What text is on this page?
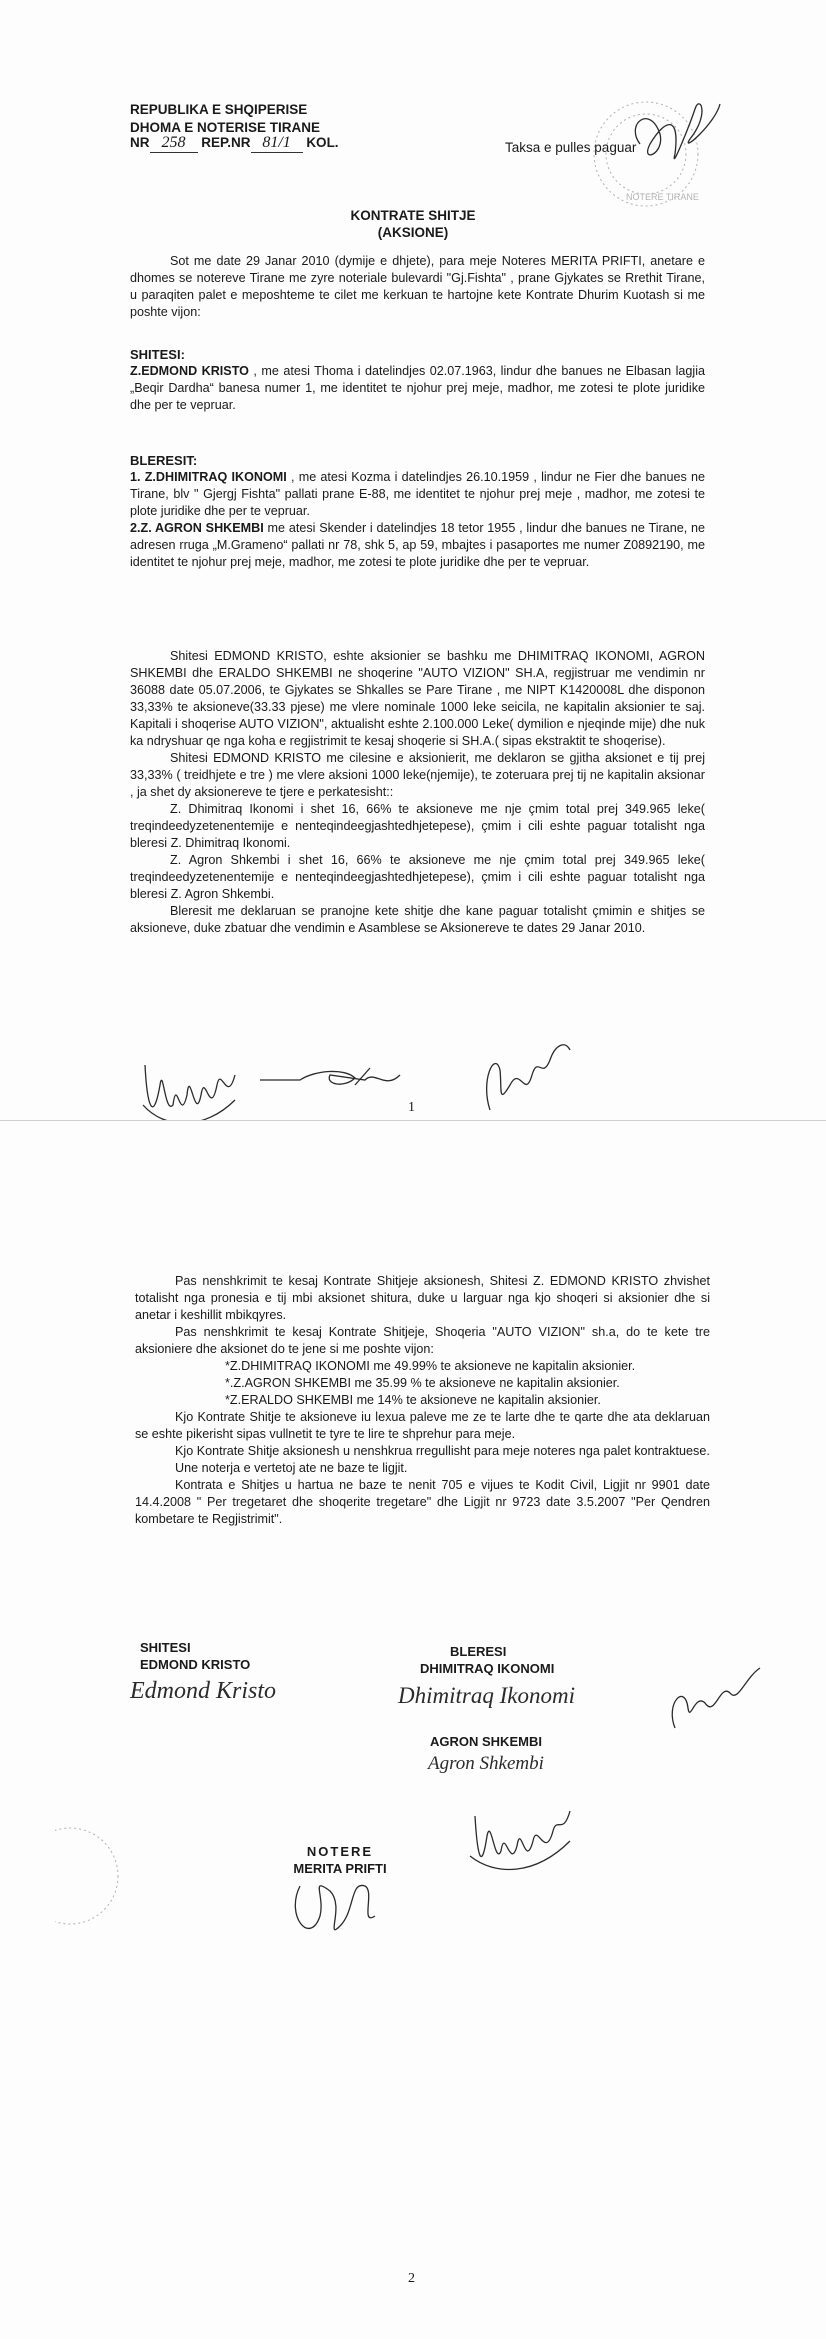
REPUBLIKA E SHQIPERISE
DHOMA E NOTERISE TIRANE
NR 258 REP.NR 81/1 KOL.	Taksa e pulles paguar
NOTERE TIRANE
KONTRATE SHITJE
(AKSIONE)

Sot me date 29 Janar 2010 (dymije e dhjete), para meje Noteres MERITA PRIFTI, anetare e dhomes se notereve Tirane me zyre noteriale bulevardi "Gj.Fishta" , prane Gjykates se Rrethit Tirane, u paraqiten palet e meposhteme te cilet me kerkuan te hartojne kete Kontrate Dhurim Kuotash si me poshte vijon:

SHITESI:

Z.EDMOND KRISTO , me atesi Thoma i datelindjes 02.07.1963, lindur dhe banues ne Elbasan lagjia „Beqir Dardha“ banesa numer 1, me identitet te njohur prej meje, madhor, me zotesi te plote juridike dhe per te vepruar.

BLERESIT:

1. Z.DHIMITRAQ IKONOMI , me atesi Kozma i datelindjes 26.10.1959 , lindur ne Fier dhe banues ne Tirane, blv " Gjergj Fishta" pallati prane E-88, me identitet te njohur prej meje , madhor, me zotesi te plote juridike dhe per te vepruar.

2.Z. AGRON SHKEMBI me atesi Skender i datelindjes 18 tetor 1955 , lindur dhe banues ne Tirane, ne adresen rruga „M.Grameno“ pallati nr 78, shk 5, ap 59, mbajtes i pasaportes me numer Z0892190, me identitet te njohur prej meje, madhor, me zotesi te plote juridike dhe per te vepruar.

Shitesi EDMOND KRISTO, eshte aksionier se bashku me DHIMITRAQ IKONOMI, AGRON SHKEMBI dhe ERALDO SHKEMBI ne shoqerine "AUTO VIZION" SH.A, regjistruar me vendimin nr 36088 date 05.07.2006, te Gjykates se Shkalles se Pare Tirane , me NIPT K1420008L dhe disponon 33,33% te aksioneve(33.33 pjese) me vlere nominale 1000 leke seicila, ne kapitalin aksionier te saj. Kapitali i shoqerise AUTO VIZION", aktualisht eshte 2.100.000 Leke( dymilion e njeqinde mije) dhe nuk ka ndryshuar qe nga koha e regjistrimit te kesaj shoqerie si SH.A.( sipas ekstraktit te shoqerise).

Shitesi EDMOND KRISTO me cilesine e aksionierit, me deklaron se gjitha aksionet e tij prej 33,33% ( treidhjete e tre ) me vlere aksioni 1000 leke(njemije), te zoteruara prej tij ne kapitalin aksionar , ja shet dy aksionereve te tjere e perkatesisht::

Z. Dhimitraq Ikonomi i shet 16, 66% te aksioneve me nje çmim total prej 349.965 leke( treqindeedyzetenentemije e nenteqindeegjashtedhjetepese), çmim i cili eshte paguar totalisht nga bleresi Z. Dhimitraq Ikonomi.

Z. Agron Shkembi i shet 16, 66% te aksioneve me nje çmim total prej 349.965 leke( treqindeedyzetenentemije e nenteqindeegjashtedhjetepese), çmim i cili eshte paguar totalisht nga bleresi Z. Agron Shkembi.

Bleresit me deklaruan se pranojne kete shitje dhe kane paguar totalisht çmimin e shitjes se aksioneve, duke zbatuar dhe vendimin e Asamblese se Aksionereve te dates 29 Janar 2010.

1

Pas nenshkrimit te kesaj Kontrate Shitjeje aksionesh, Shitesi Z. EDMOND KRISTO zhvishet totalisht nga pronesia e tij mbi aksionet shitura, duke u larguar nga kjo shoqeri si aksionier dhe si anetar i keshillit mbikqyres.

Pas nenshkrimit te kesaj Kontrate Shitjeje, Shoqeria "AUTO VIZION" sh.a, do te kete tre aksioniere dhe aksionet do te jene si me poshte vijon:

*Z.DHIMITRAQ IKONOMI me 49.99% te aksioneve ne kapitalin aksionier.
*.Z.AGRON SHKEMBI me 35.99 % te aksioneve ne kapitalin aksionier.
*Z.ERALDO SHKEMBI me 14% te aksioneve ne kapitalin aksionier.

Kjo Kontrate Shitje te aksioneve iu lexua paleve me ze te larte dhe te qarte dhe ata deklaruan se eshte pikerisht sipas vullnetit te tyre te lire te shprehur para meje.

Kjo Kontrate Shitje aksionesh u nenshkrua rregullisht para meje noteres nga palet kontraktuese.

Une noterja e vertetoj ate ne baze te ligjit.

Kontrata e Shitjes u hartua ne baze te nenit 705 e vijues te Kodit Civil, Ligjit nr 9901 date 14.4.2008 " Per tregetaret dhe shoqerite tregetare" dhe Ligjit nr 9723 date 3.5.2007 "Per Qendren kombetare te Regjistrimit".

SHITESI
EDMOND KRISTO
BLERESI
DHIMITRAQ IKONOMI
AGRON SHKEMBI
Edmond Kristo	Dhimitraq Ikonomi
Agron Shkembi
NOTERE
MERITA PRIFTI
2
